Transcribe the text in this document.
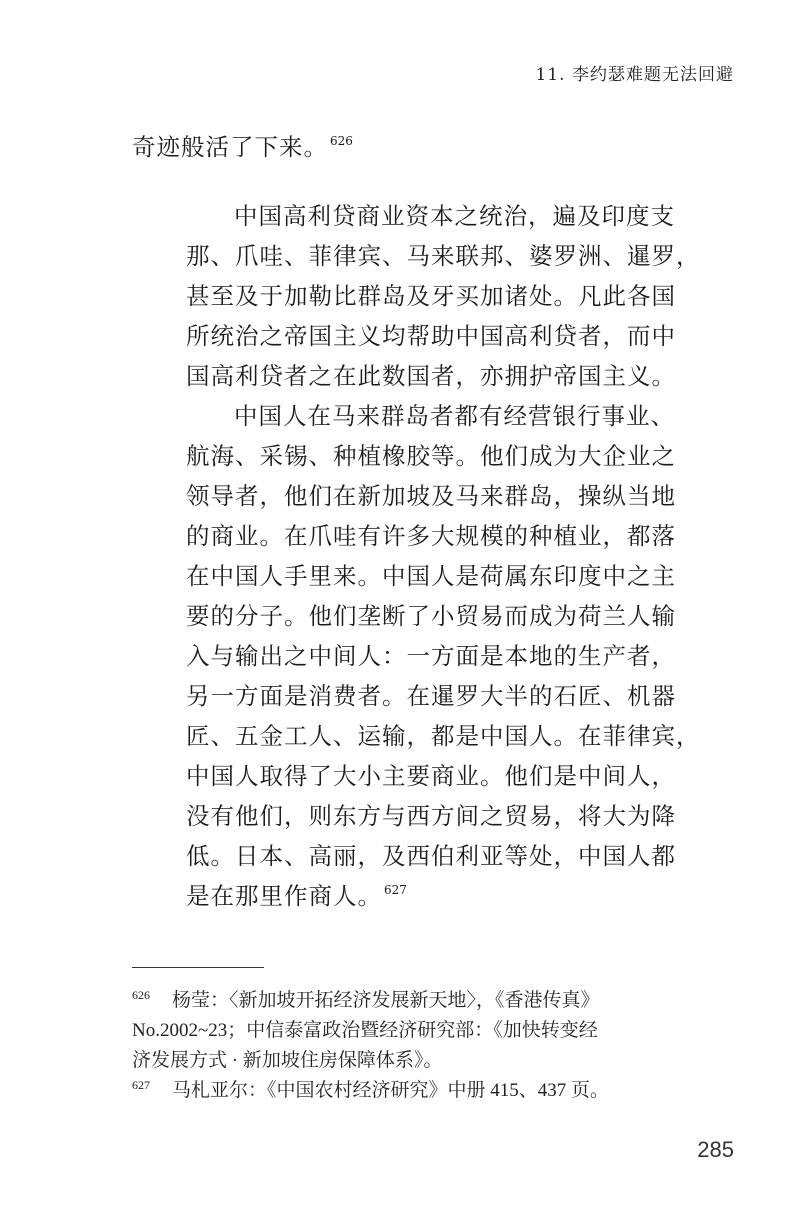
11. 李约瑟难题无法回避
奇迹般活了下来。 $^{626}$
中国高利贷商业资本之统治，遍及印度支
那、爪哇、菲律宾、马来联邦、婆罗洲、暹罗，
甚至及于加勒比群岛及牙买加诸处。凡此各国
所统治之帝国主义均帮助中国高利贷者，而中
国高利贷者之在此数国者，亦拥护帝国主义。
中国人在马来群岛者都有经营银行事业、
航海、采锡、种植橡胶等。他们成为大企业之
领导者，他们在新加坡及马来群岛，操纵当地
的商业。在爪哇有许多大规模的种植业，都落
在中国人手里来。中国人是荷属东印度中之主
要的分子。他们垄断了小贸易而成为荷兰人输
入与输出之中间人：一方面是本地的生产者，
另一方面是消费者。在暹罗大半的石匠、机器
匠、五金工人、运输，都是中国人。在菲律宾，
中国人取得了大小主要商业。他们是中间人，
没有他们，则东方与西方间之贸易，将大为降
低。日本、高丽，及西伯利亚等处，中国人都
是在那里作商人。 $^{627}$
626 杨莹：〈新加坡开拓经济发展新天地〉，《香港传真》
No.2002~23；中信泰富政治暨经济研究部：《加快转变经
济发展方式 · 新加坡住房保障体系》。
627 马札亚尔：《中国农村经济研究》中册 415、437 页。
285
